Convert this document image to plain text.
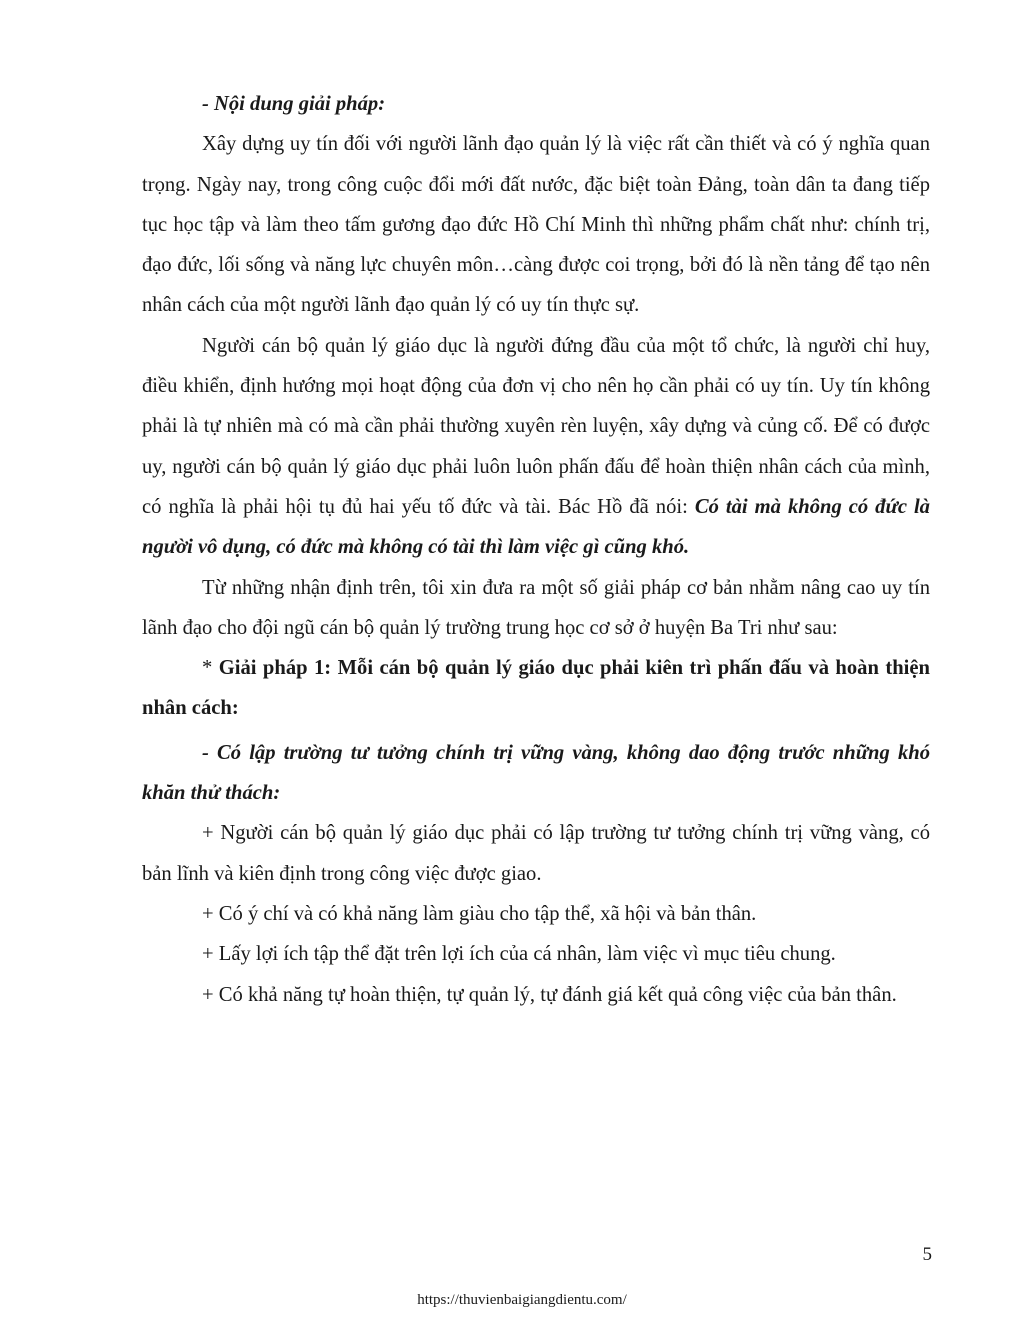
- Nội dung giải pháp:

Xây dựng uy tín đối với người lãnh đạo quản lý là việc rất cần thiết và có ý nghĩa quan trọng. Ngày nay, trong công cuộc đổi mới đất nước, đặc biệt toàn Đảng, toàn dân ta đang tiếp tục học tập và làm theo tấm gương đạo đức Hồ Chí Minh thì những phẩm chất như: chính trị, đạo đức, lối sống và năng lực chuyên môn…càng được coi trọng, bởi đó là nền tảng để tạo nên nhân cách của một người lãnh đạo quản lý có uy tín thực sự.

Người cán bộ quản lý giáo dục là người đứng đầu của một tổ chức, là người chỉ huy, điều khiển, định hướng mọi hoạt động của đơn vị cho nên họ cần phải có uy tín. Uy tín không phải là tự nhiên mà có mà cần phải thường xuyên rèn luyện, xây dựng và củng cố. Để có được uy, người cán bộ quản lý giáo dục phải luôn luôn phấn đấu để hoàn thiện nhân cách của mình, có nghĩa là phải hội tụ đủ hai yếu tố đức và tài. Bác Hồ đã nói: Có tài mà không có đức là người vô dụng, có đức mà không có tài thì làm việc gì cũng khó.

Từ những nhận định trên, tôi xin đưa ra một số giải pháp cơ bản nhằm nâng cao uy tín lãnh đạo cho đội ngũ cán bộ quản lý trường trung học cơ sở ở huyện Ba Tri như sau:

* Giải pháp 1: Mỗi cán bộ quản lý giáo dục phải kiên trì phấn đấu và hoàn thiện nhân cách:

- Có lập trường tư tưởng chính trị vững vàng, không dao động trước những khó khăn thử thách:

+ Người cán bộ quản lý giáo dục phải có lập trường tư tưởng chính trị vững vàng, có bản lĩnh và kiên định trong công việc được giao.

+ Có ý chí và có khả năng làm giàu cho tập thể, xã hội và bản thân.

+ Lấy lợi ích tập thể đặt trên lợi ích của cá nhân, làm việc vì mục tiêu chung.

+ Có khả năng tự hoàn thiện, tự quản lý, tự đánh giá kết quả công việc của bản thân.

5
https://thuvienbaigiangdientu.com/
